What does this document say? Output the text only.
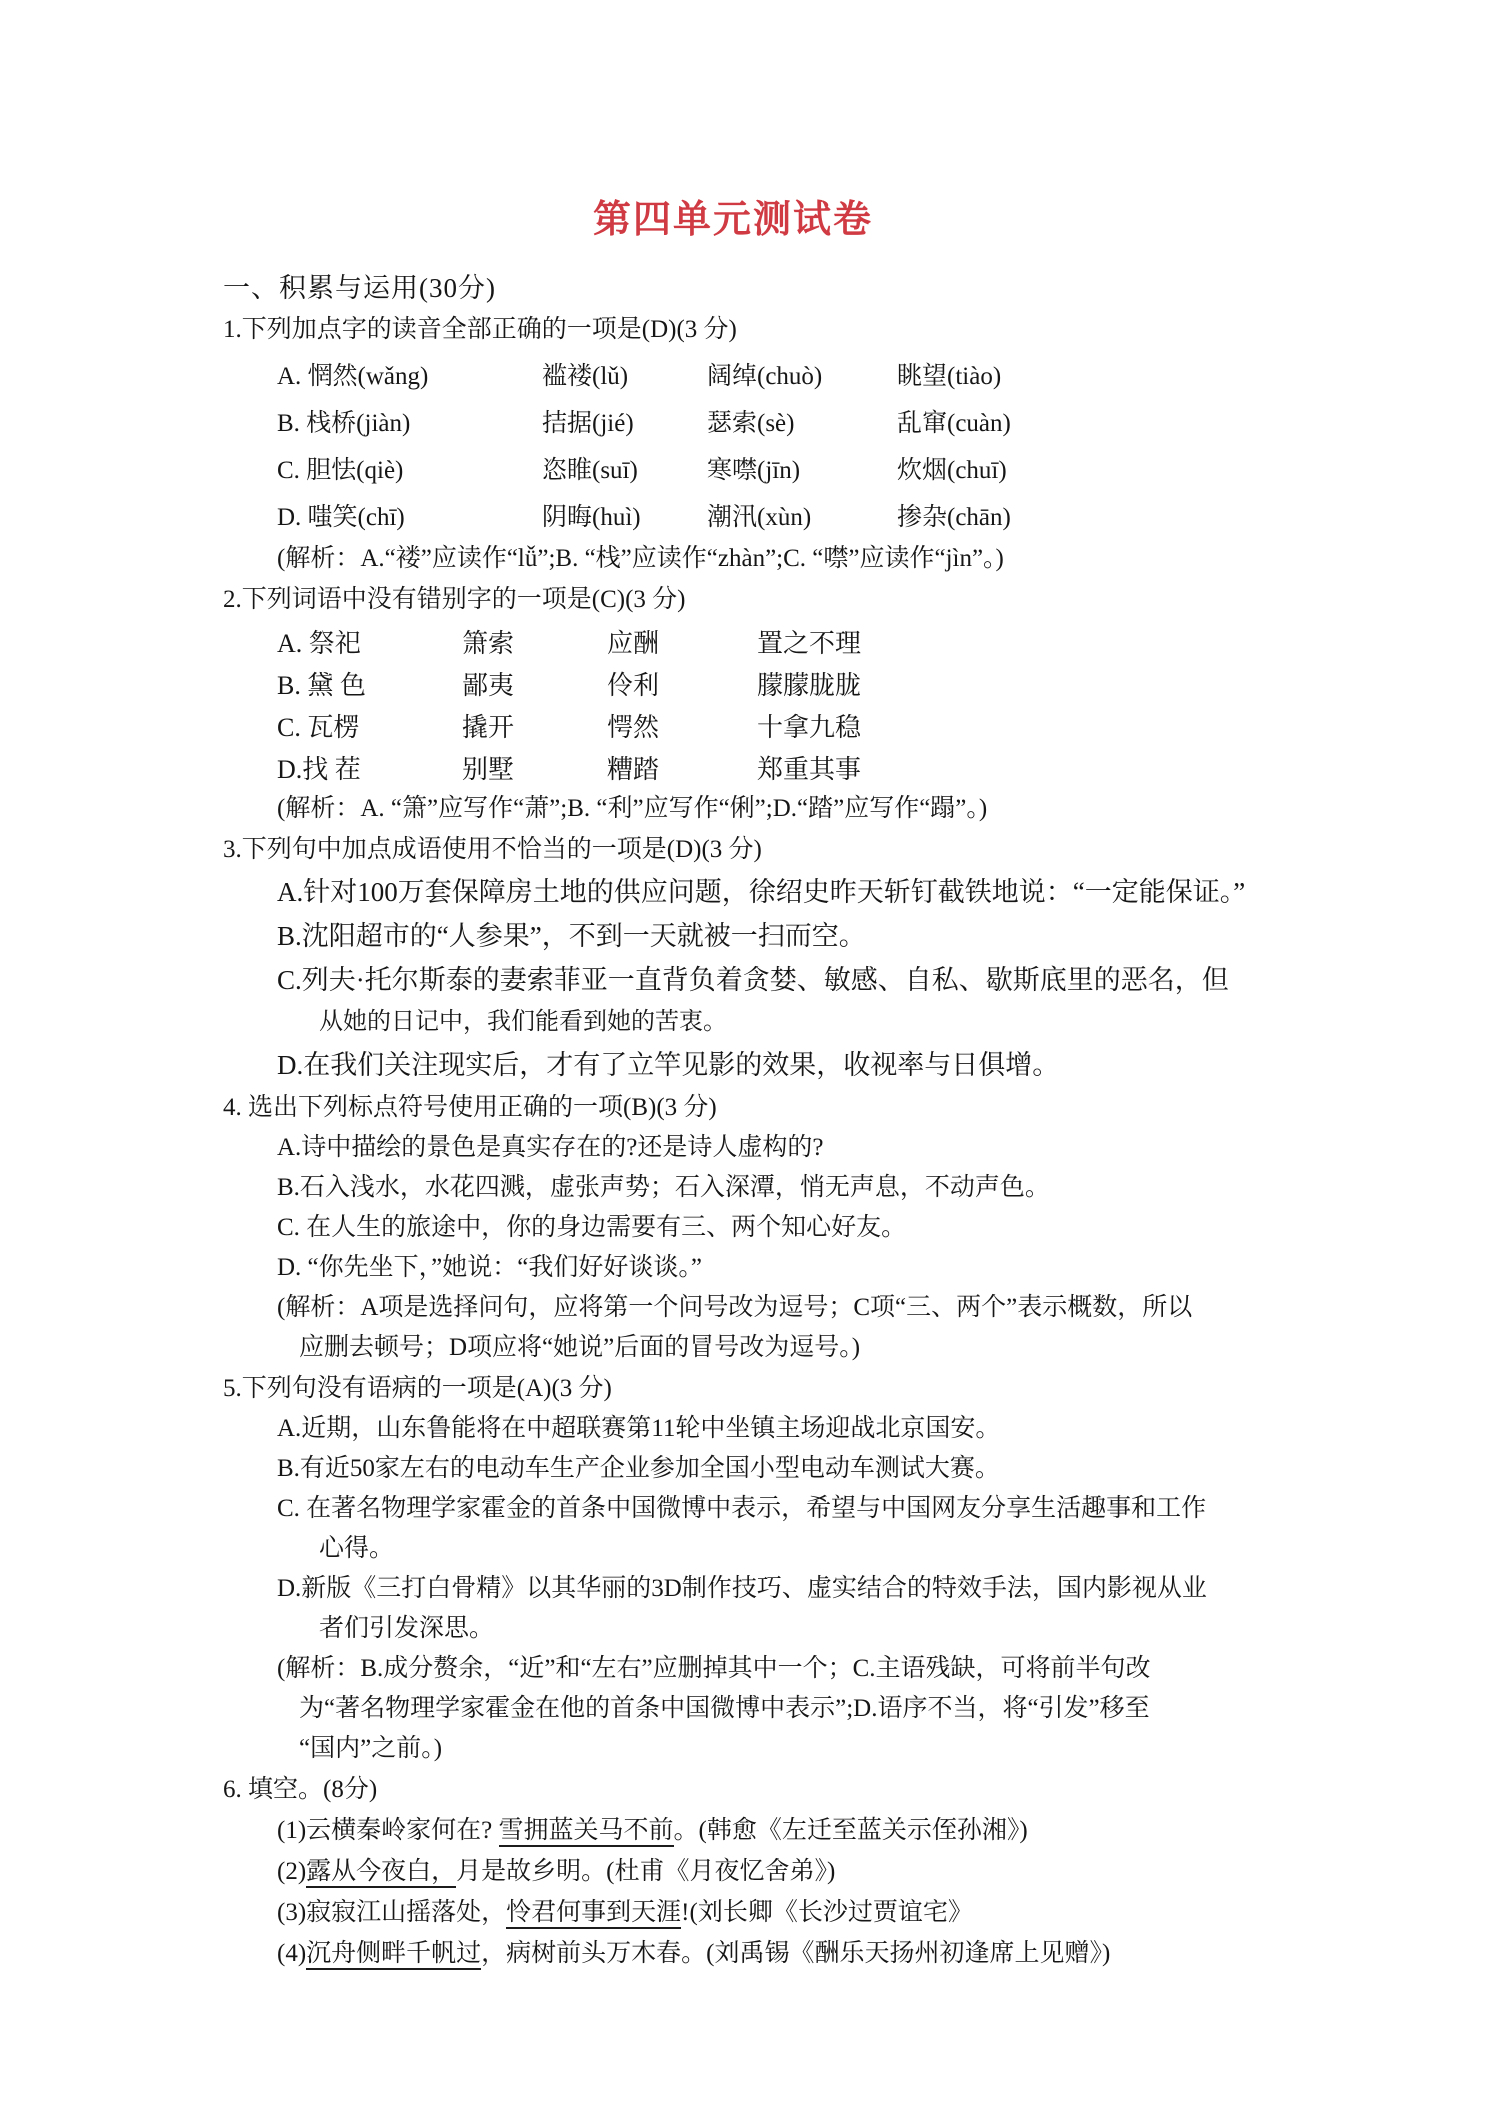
第四单元测试卷
一、积累与运用(30分)
1.下列加点字的读音全部正确的一项是(D)(3 分)
A. 惘然(wǎng)	褴褛(lǔ)	阔绰(chuò)	眺望(tiào)
B. 栈桥(jiàn)	拮据(jié)	瑟索(sè)	乱窜(cuàn)
C. 胆怯(qiè)	恣睢(suī)	寒噤(jīn)	炊烟(chuī)
D. 嗤笑(chī)	阴晦(huì)	潮汛(xùn)	掺杂(chān)
(解析：A.“褛”应读作“lǚ”;B. “栈”应读作“zhàn”;C. “噤”应读作“jìn”。)
2.下列词语中没有错别字的一项是(C)(3 分)
A. 祭祀	箫索	应酬	置之不理
B. 黛 色	鄙夷	伶利	朦朦胧胧
C. 瓦楞	撬开	愕然	十拿九稳
D.找 茬	别墅	糟踏	郑重其事
(解析：A. “箫”应写作“萧”;B. “利”应写作“俐”;D.“踏”应写作“蹋”。)
3.下列句中加点成语使用不恰当的一项是(D)(3 分)
A.针对100万套保障房土地的供应问题，徐绍史昨天斩钉截铁地说：“一定能保证。”
B.沈阳超市的“人参果”，不到一天就被一扫而空。
C.列夫·托尔斯泰的妻索菲亚一直背负着贪婪、敏感、自私、歇斯底里的恶名，但
从她的日记中，我们能看到她的苦衷。
D.在我们关注现实后，才有了立竿见影的效果，收视率与日俱增。
4. 选出下列标点符号使用正确的一项(B)(3 分)
A.诗中描绘的景色是真实存在的?还是诗人虚构的?
B.石入浅水，水花四溅，虚张声势；石入深潭，悄无声息，不动声色。
C. 在人生的旅途中，你的身边需要有三、两个知心好友。
D. “你先坐下，”她说：“我们好好谈谈。”
(解析：A项是选择问句，应将第一个问号改为逗号；C项“三、两个”表示概数，所以
应删去顿号；D项应将“她说”后面的冒号改为逗号。)
5.下列句没有语病的一项是(A)(3 分)
A.近期，山东鲁能将在中超联赛第11轮中坐镇主场迎战北京国安。
B.有近50家左右的电动车生产企业参加全国小型电动车测试大赛。
C. 在著名物理学家霍金的首条中国微博中表示，希望与中国网友分享生活趣事和工作
心得。
D.新版《三打白骨精》以其华丽的3D制作技巧、虚实结合的特效手法，国内影视从业
者们引发深思。
(解析：B.成分赘余，“近”和“左右”应删掉其中一个；C.主语残缺，可将前半句改
为“著名物理学家霍金在他的首条中国微博中表示”;D.语序不当，将“引发”移至
“国内”之前。)
6. 填空。(8分)
(1)云横秦岭家何在? 雪拥蓝关马不前。(韩愈《左迁至蓝关示侄孙湘》)
(2)露从今夜白，月是故乡明。(杜甫《月夜忆舍弟》)
(3)寂寂江山摇落处，怜君何事到天涯!(刘长卿《长沙过贾谊宅》
(4)沉舟侧畔千帆过，病树前头万木春。(刘禹锡《酬乐天扬州初逢席上见赠》)
